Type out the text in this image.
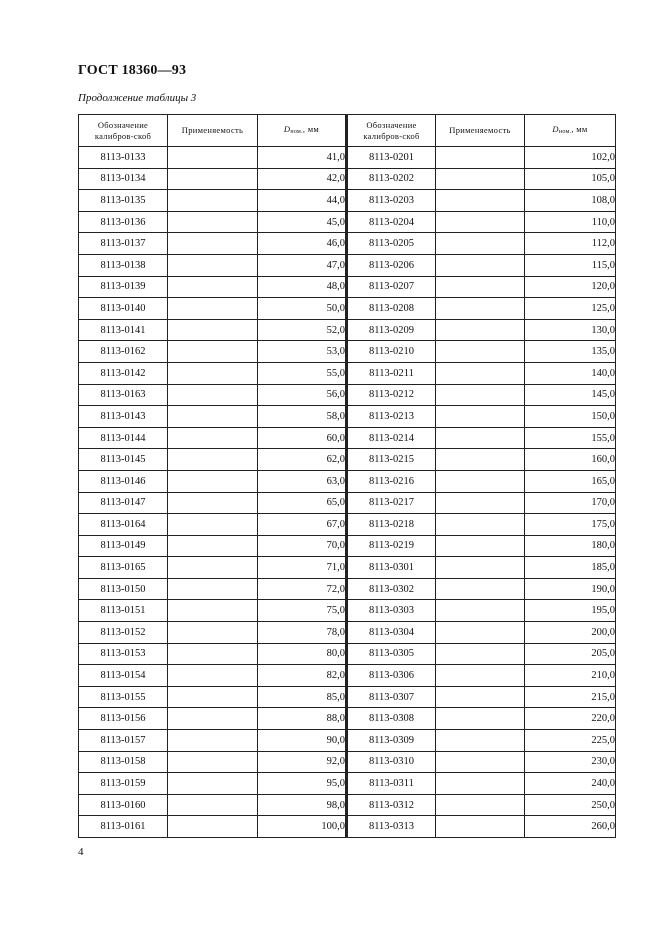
ГОСТ 18360—93
Продолжение таблицы 3
Обозначение калибров-скоб	Применяемость	Dном., мм	Обозначение калибров-скоб	Применяемость	Dном., мм
8113-0133		41,0	8113-0201		102,0
8113-0134		42,0	8113-0202		105,0
8113-0135		44,0	8113-0203		108,0
8113-0136		45,0	8113-0204		110,0
8113-0137		46,0	8113-0205		112,0
8113-0138		47,0	8113-0206		115,0
8113-0139		48,0	8113-0207		120,0
8113-0140		50,0	8113-0208		125,0
8113-0141		52,0	8113-0209		130,0
8113-0162		53,0	8113-0210		135,0
8113-0142		55,0	8113-0211		140,0
8113-0163		56,0	8113-0212		145,0
8113-0143		58,0	8113-0213		150,0
8113-0144		60,0	8113-0214		155,0
8113-0145		62,0	8113-0215		160,0
8113-0146		63,0	8113-0216		165,0
8113-0147		65,0	8113-0217		170,0
8113-0164		67,0	8113-0218		175,0
8113-0149		70,0	8113-0219		180,0
8113-0165		71,0	8113-0301		185,0
8113-0150		72,0	8113-0302		190,0
8113-0151		75,0	8113-0303		195,0
8113-0152		78,0	8113-0304		200,0
8113-0153		80,0	8113-0305		205,0
8113-0154		82,0	8113-0306		210,0
8113-0155		85,0	8113-0307		215,0
8113-0156		88,0	8113-0308		220,0
8113-0157		90,0	8113-0309		225,0
8113-0158		92,0	8113-0310		230,0
8113-0159		95,0	8113-0311		240,0
8113-0160		98,0	8113-0312		250,0
8113-0161		100,0	8113-0313		260,0
4
